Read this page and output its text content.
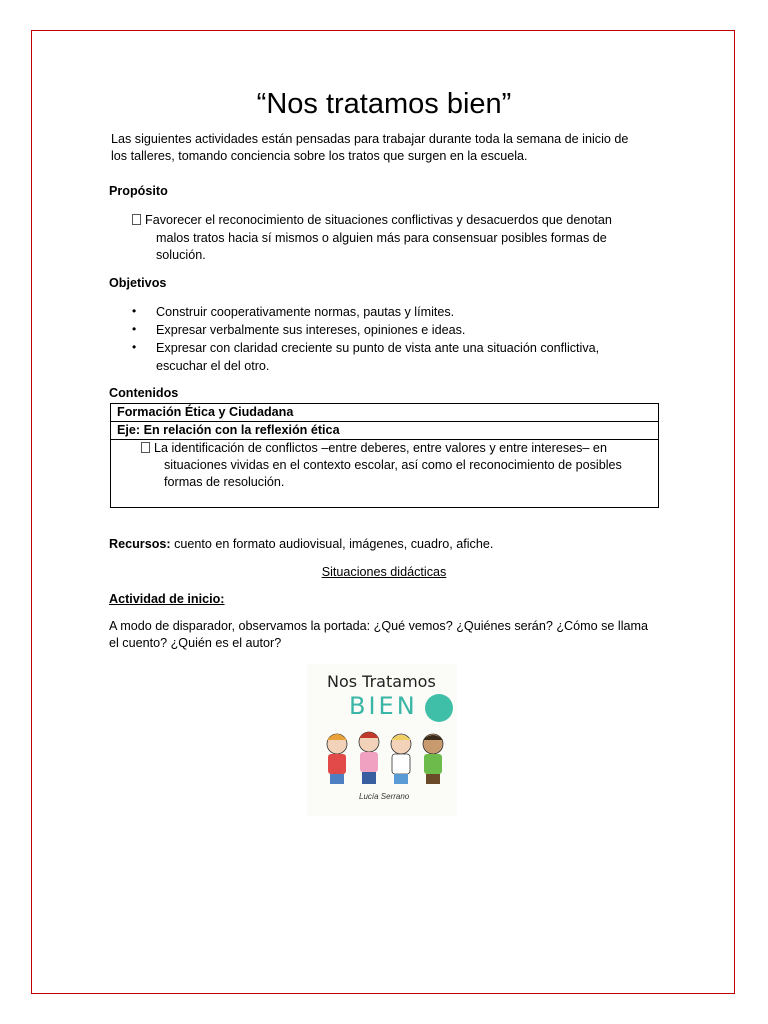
“Nos tratamos bien”
Las siguientes actividades están pensadas para trabajar durante toda la semana de inicio de
los talleres, tomando conciencia sobre los tratos que surgen en la escuela.
Propósito
Favorecer el reconocimiento de situaciones conflictivas y desacuerdos que denotan
malos tratos hacia sí mismos o alguien más para consensuar posibles formas de
solución.
Objetivos
• Construir cooperativamente normas, pautas y límites.
• Expresar verbalmente sus intereses, opiniones e ideas.
• Expresar con claridad creciente su punto de vista ante una situación conflictiva,
escuchar el del otro.
Contenidos
Formación Ética y Ciudadana
Eje: En relación con la reflexión ética

La identificación de conflictos –entre deberes, entre valores y entre intereses– en
situaciones vividas en el contexto escolar, así como el reconocimiento de posibles
formas de resolución.
Recursos: cuento en formato audiovisual, imágenes, cuadro, afiche.
Situaciones didácticas
Actividad de inicio:
A modo de disparador, observamos la portada: ¿Qué vemos? ¿Quiénes serán? ¿Cómo se llama
el cuento? ¿Quién es el autor?
Nos Tratamos
BIEN
Lucía Serrano
